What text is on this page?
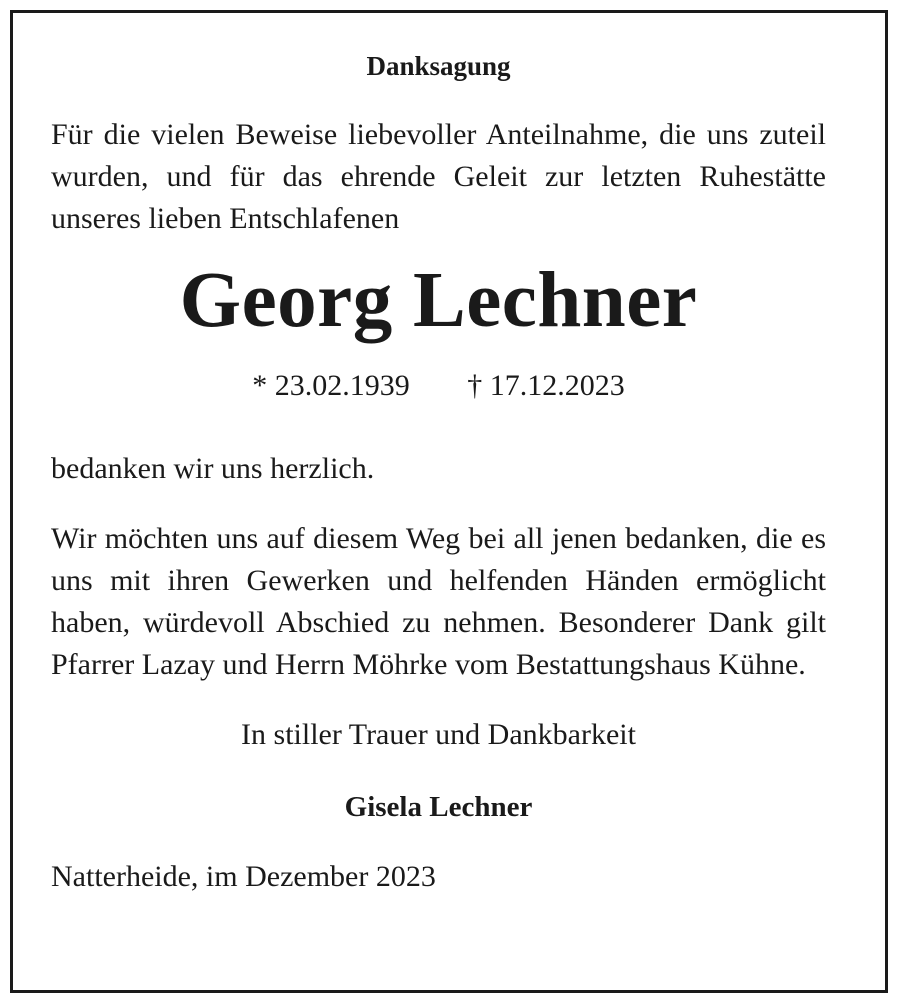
Danksagung

Für die vielen Beweise liebevoller Anteilnahme, die uns zuteil wurden, und für das ehrende Geleit zur letzten Ruhestätte unseres lieben Entschlafenen

Georg Lechner

* 23.02.1939 † 17.12.2023

bedanken wir uns herzlich.

Wir möchten uns auf diesem Weg bei all jenen bedanken, die es uns mit ihren Gewerken und helfenden Händen ermöglicht haben, würdevoll Abschied zu nehmen. Besonderer Dank gilt Pfarrer Lazay und Herrn Möhrke vom Bestattungshaus Kühne.

In stiller Trauer und Dankbarkeit

Gisela Lechner

Natterheide, im Dezember 2023
